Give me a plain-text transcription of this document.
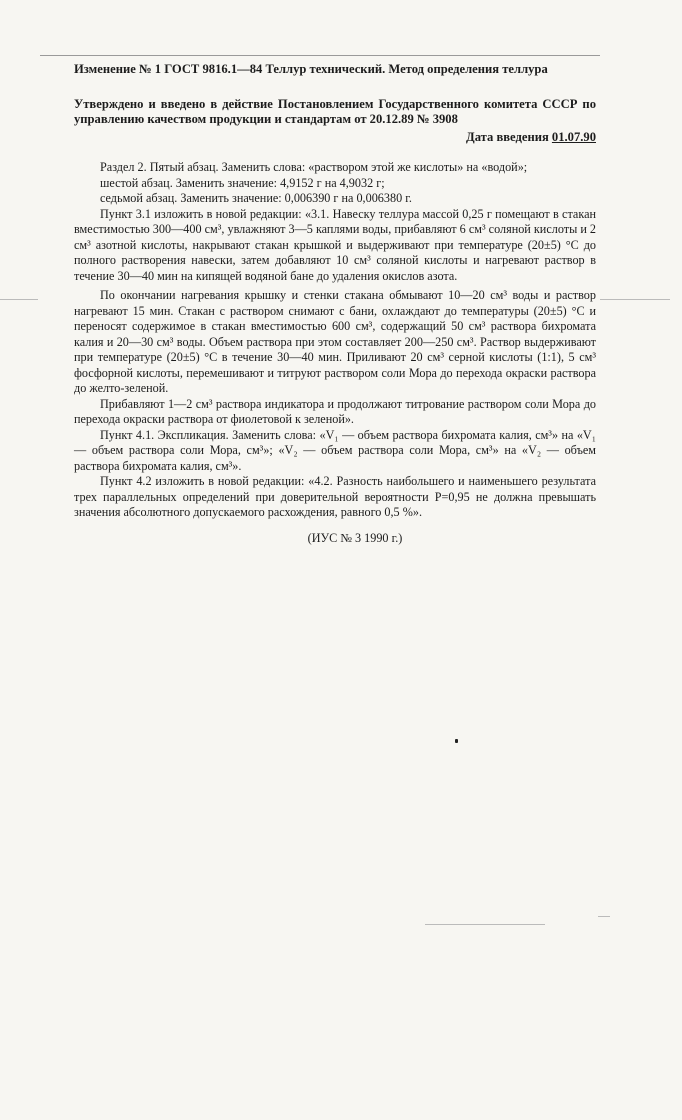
Изменение № 1 ГОСТ 9816.1—84 Теллур технический. Метод определения теллура
Утверждено и введено в действие Постановлением Государственного комитета СССР по управлению качеством продукции и стандартам от 20.12.89 № 3908
Дата введения 01.07.90

Раздел 2. Пятый абзац. Заменить слова: «раствором этой же кислоты» на «водой»;

шестой абзац. Заменить значение: 4,9152 г на 4,9032 г;

седьмой абзац. Заменить значение: 0,006390 г на 0,006380 г.

Пункт 3.1 изложить в новой редакции: «3.1. Навеску теллура массой 0,25 г помещают в стакан вместимостью 300—400 см³, увлажняют 3—5 каплями воды, прибавляют 6 см³ соляной кислоты и 2 см³ азотной кислоты, накрывают стакан крышкой и выдерживают при температуре (20±5) °С до полного растворения навески, затем добавляют 10 см³ соляной кислоты и нагревают раствор в течение 30—40 мин на кипящей водяной бане до удаления окислов азота.

По окончании нагревания крышку и стенки стакана обмывают 10—20 см³ воды и раствор нагревают 15 мин. Стакан с раствором снимают с бани, охлаждают до температуры (20±5) °С и переносят содержимое в стакан вместимостью 600 см³, содержащий 50 см³ раствора бихромата калия и 20—30 см³ воды. Объем раствора при этом составляет 200—250 см³. Раствор выдерживают при температуре (20±5) °С в течение 30—40 мин. Приливают 20 см³ серной кислоты (1:1), 5 см³ фосфорной кислоты, перемешивают и титруют раствором соли Мора до перехода окраски раствора до желто-зеленой.

Прибавляют 1—2 см³ раствора индикатора и продолжают титрование раствором соли Мора до перехода окраски раствора от фиолетовой к зеленой».

Пункт 4.1. Экспликация. Заменить слова: «V₁ — объем раствора бихромата калия, см³» на «V₁ — объем раствора соли Мора, см³»; «V₂ — объем раствора соли Мора, см³» на «V₂ — объем раствора бихромата калия, см³».

Пункт 4.2 изложить в новой редакции: «4.2. Разность наибольшего и наименьшего результата трех параллельных определений при доверительной вероятности P=0,95 не должна превышать значения абсолютного допускаемого расхождения, равного 0,5 %».

(ИУС № 3 1990 г.)
